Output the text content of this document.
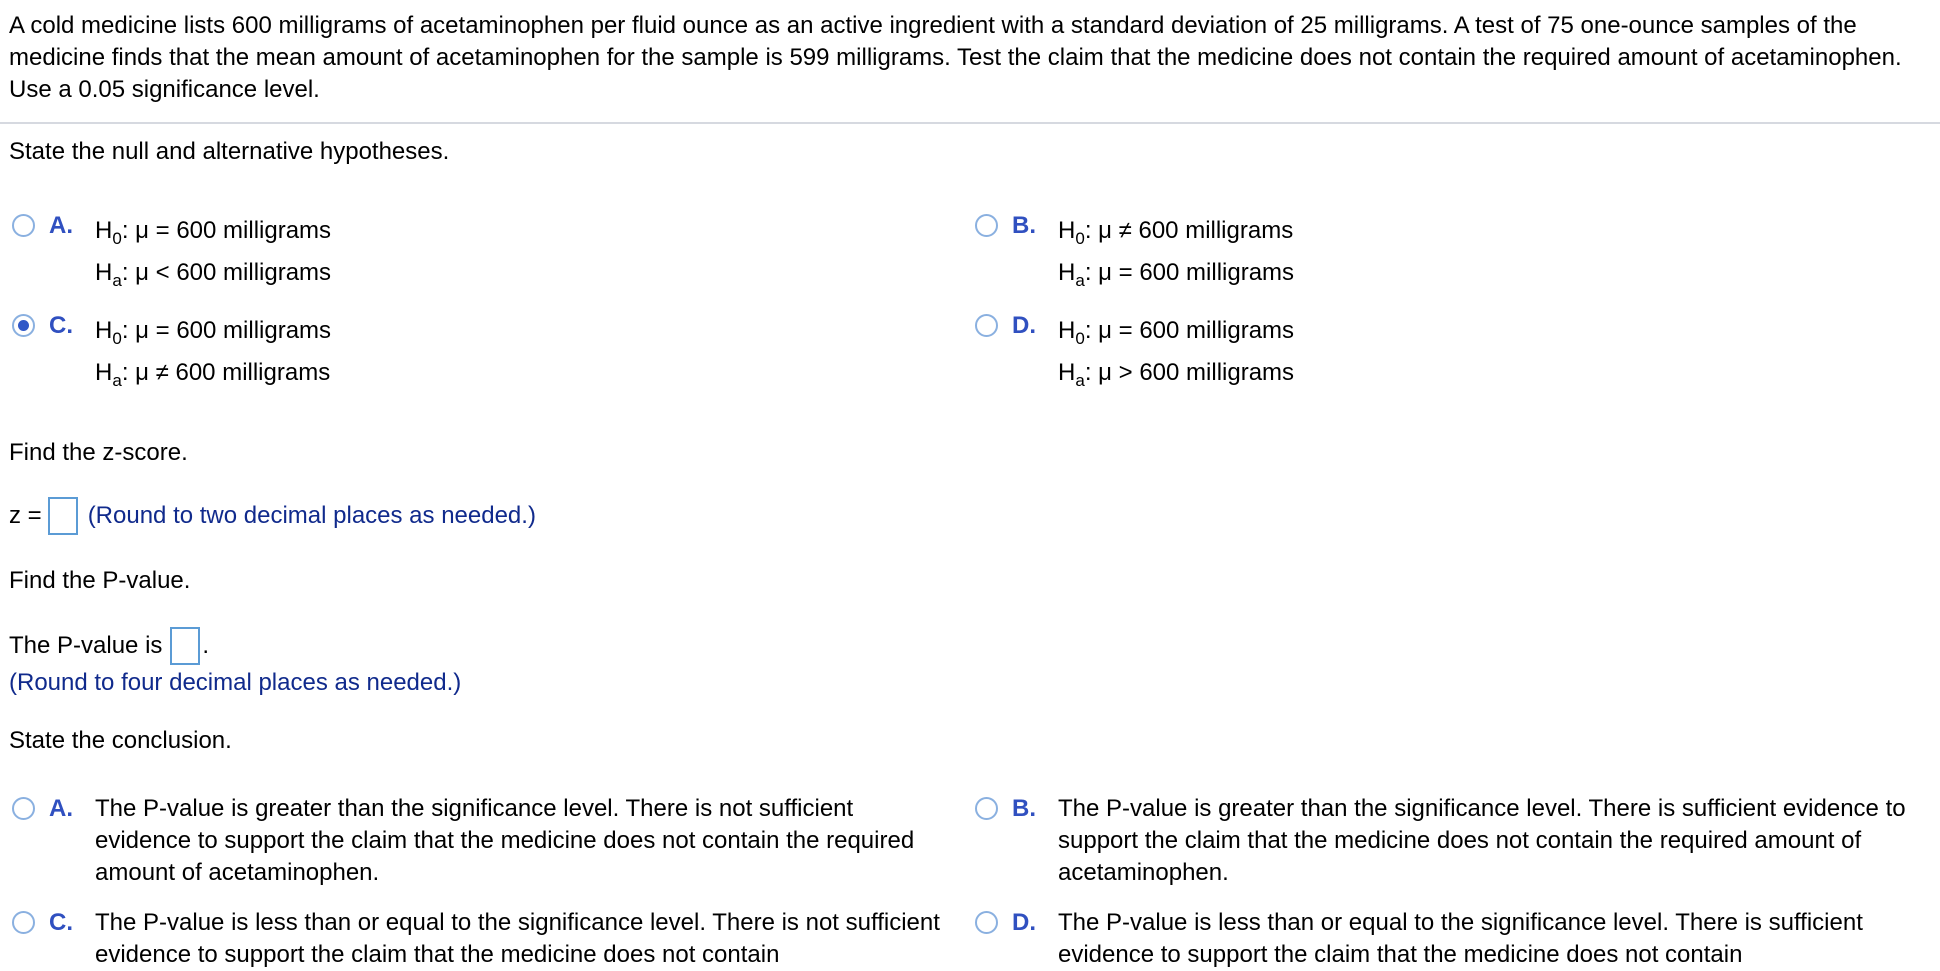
A cold medicine lists 600 milligrams of acetaminophen per fluid ounce as an active ingredient with a standard deviation of 25 milligrams. A test of 75 one-ounce samples of the medicine finds that the mean amount of acetaminophen for the sample is 599 milligrams. Test the claim that the medicine does not contain the required amount of acetaminophen. Use a 0.05 significance level.
State the null and alternative hypotheses.
A. $H_0$: μ = 600 milligrams
$H_a$: μ < 600 milligrams
B. $H_0$: μ ≠ 600 milligrams
$H_a$: μ = 600 milligrams
C. $H_0$: μ = 600 milligrams
$H_a$: μ ≠ 600 milligrams
D. $H_0$: μ = 600 milligrams
$H_a$: μ > 600 milligrams
Find the z-score.
z = (Round to two decimal places as needed.)
Find the P-value.
The P-value is .
(Round to four decimal places as needed.)
State the conclusion.
A. The P-value is greater than the significance level. There is not sufficient evidence to support the claim that the medicine does not contain the required amount of acetaminophen.
B. The P-value is greater than the significance level. There is sufficient evidence to support the claim that the medicine does not contain the required amount of acetaminophen.
C. The P-value is less than or equal to the significance level. There is not sufficient evidence to support the claim that the medicine does not contain
D. The P-value is less than or equal to the significance level. There is sufficient evidence to support the claim that the medicine does not contain
